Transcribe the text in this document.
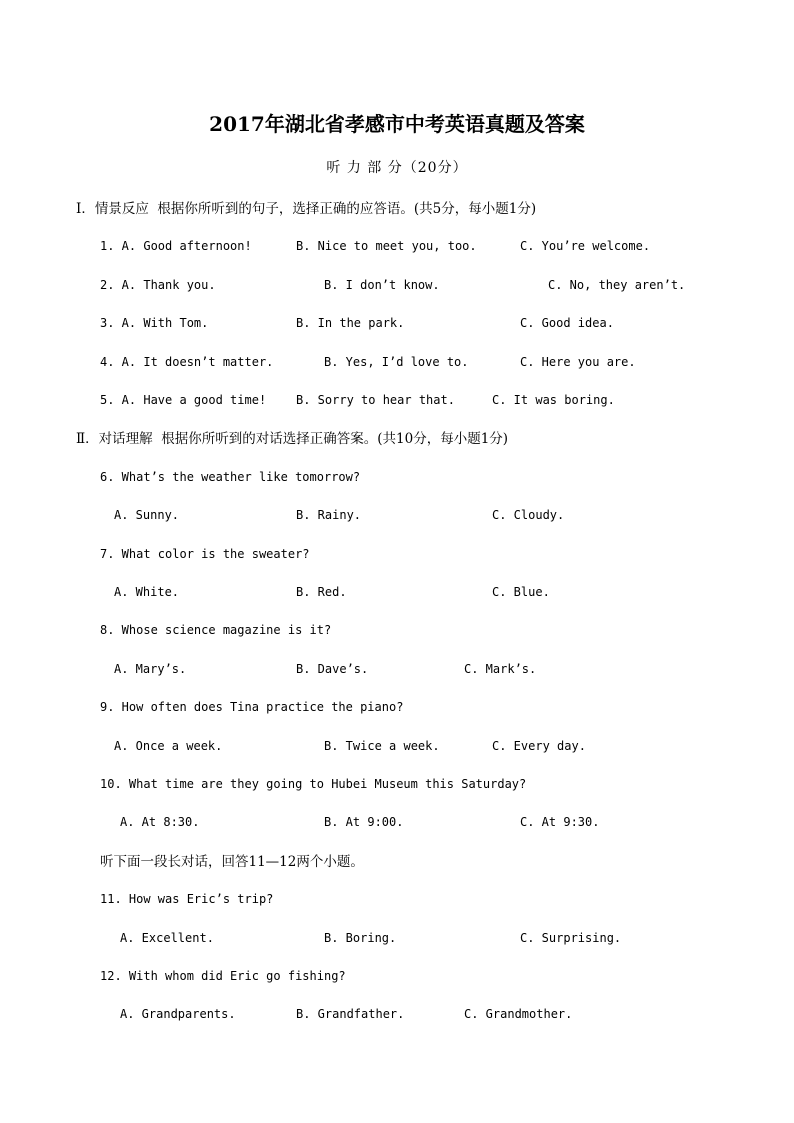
2017年湖北省孝感市中考英语真题及答案
听 力 部 分（20分）
Ⅰ．情景反应  根据你所听到的句子，选择正确的应答语。(共5分，每小题1分)
1. A. Good afternoon!	B. Nice to meet you, too.	C. You’re welcome.
2. A. Thank you.	B. I don’t know.	C. No, they aren’t.
3. A. With Tom.	B. In the park.	C. Good idea.
4. A. It doesn’t matter.	B. Yes, I’d love to.	C. Here you are.
5. A. Have a good time! B. Sorry to hear that.	C. It was boring.
Ⅱ．对话理解  根据你所听到的对话选择正确答案。(共10分，每小题1分)
6. What’s the weather like tomorrow?
A. Sunny.	B. Rainy.	C. Cloudy.
7. What color is the sweater?
A. White.	B. Red.	C. Blue.
8. Whose science magazine is it?
A. Mary’s.	B. Dave’s.	C. Mark’s.
9. How often does Tina practice the piano?
A. Once a week.	B. Twice a week.	C. Every day.
10. What time are they going to Hubei Museum this Saturday?
A. At 8:30.	B. At 9:00.	C. At 9:30.
听下面一段长对话，回答11—12两个小题。
11. How was Eric’s trip?
A. Excellent.	B. Boring.	C. Surprising.
12. With whom did Eric go fishing?
A. Grandparents.	B. Grandfather.	C. Grandmother.
